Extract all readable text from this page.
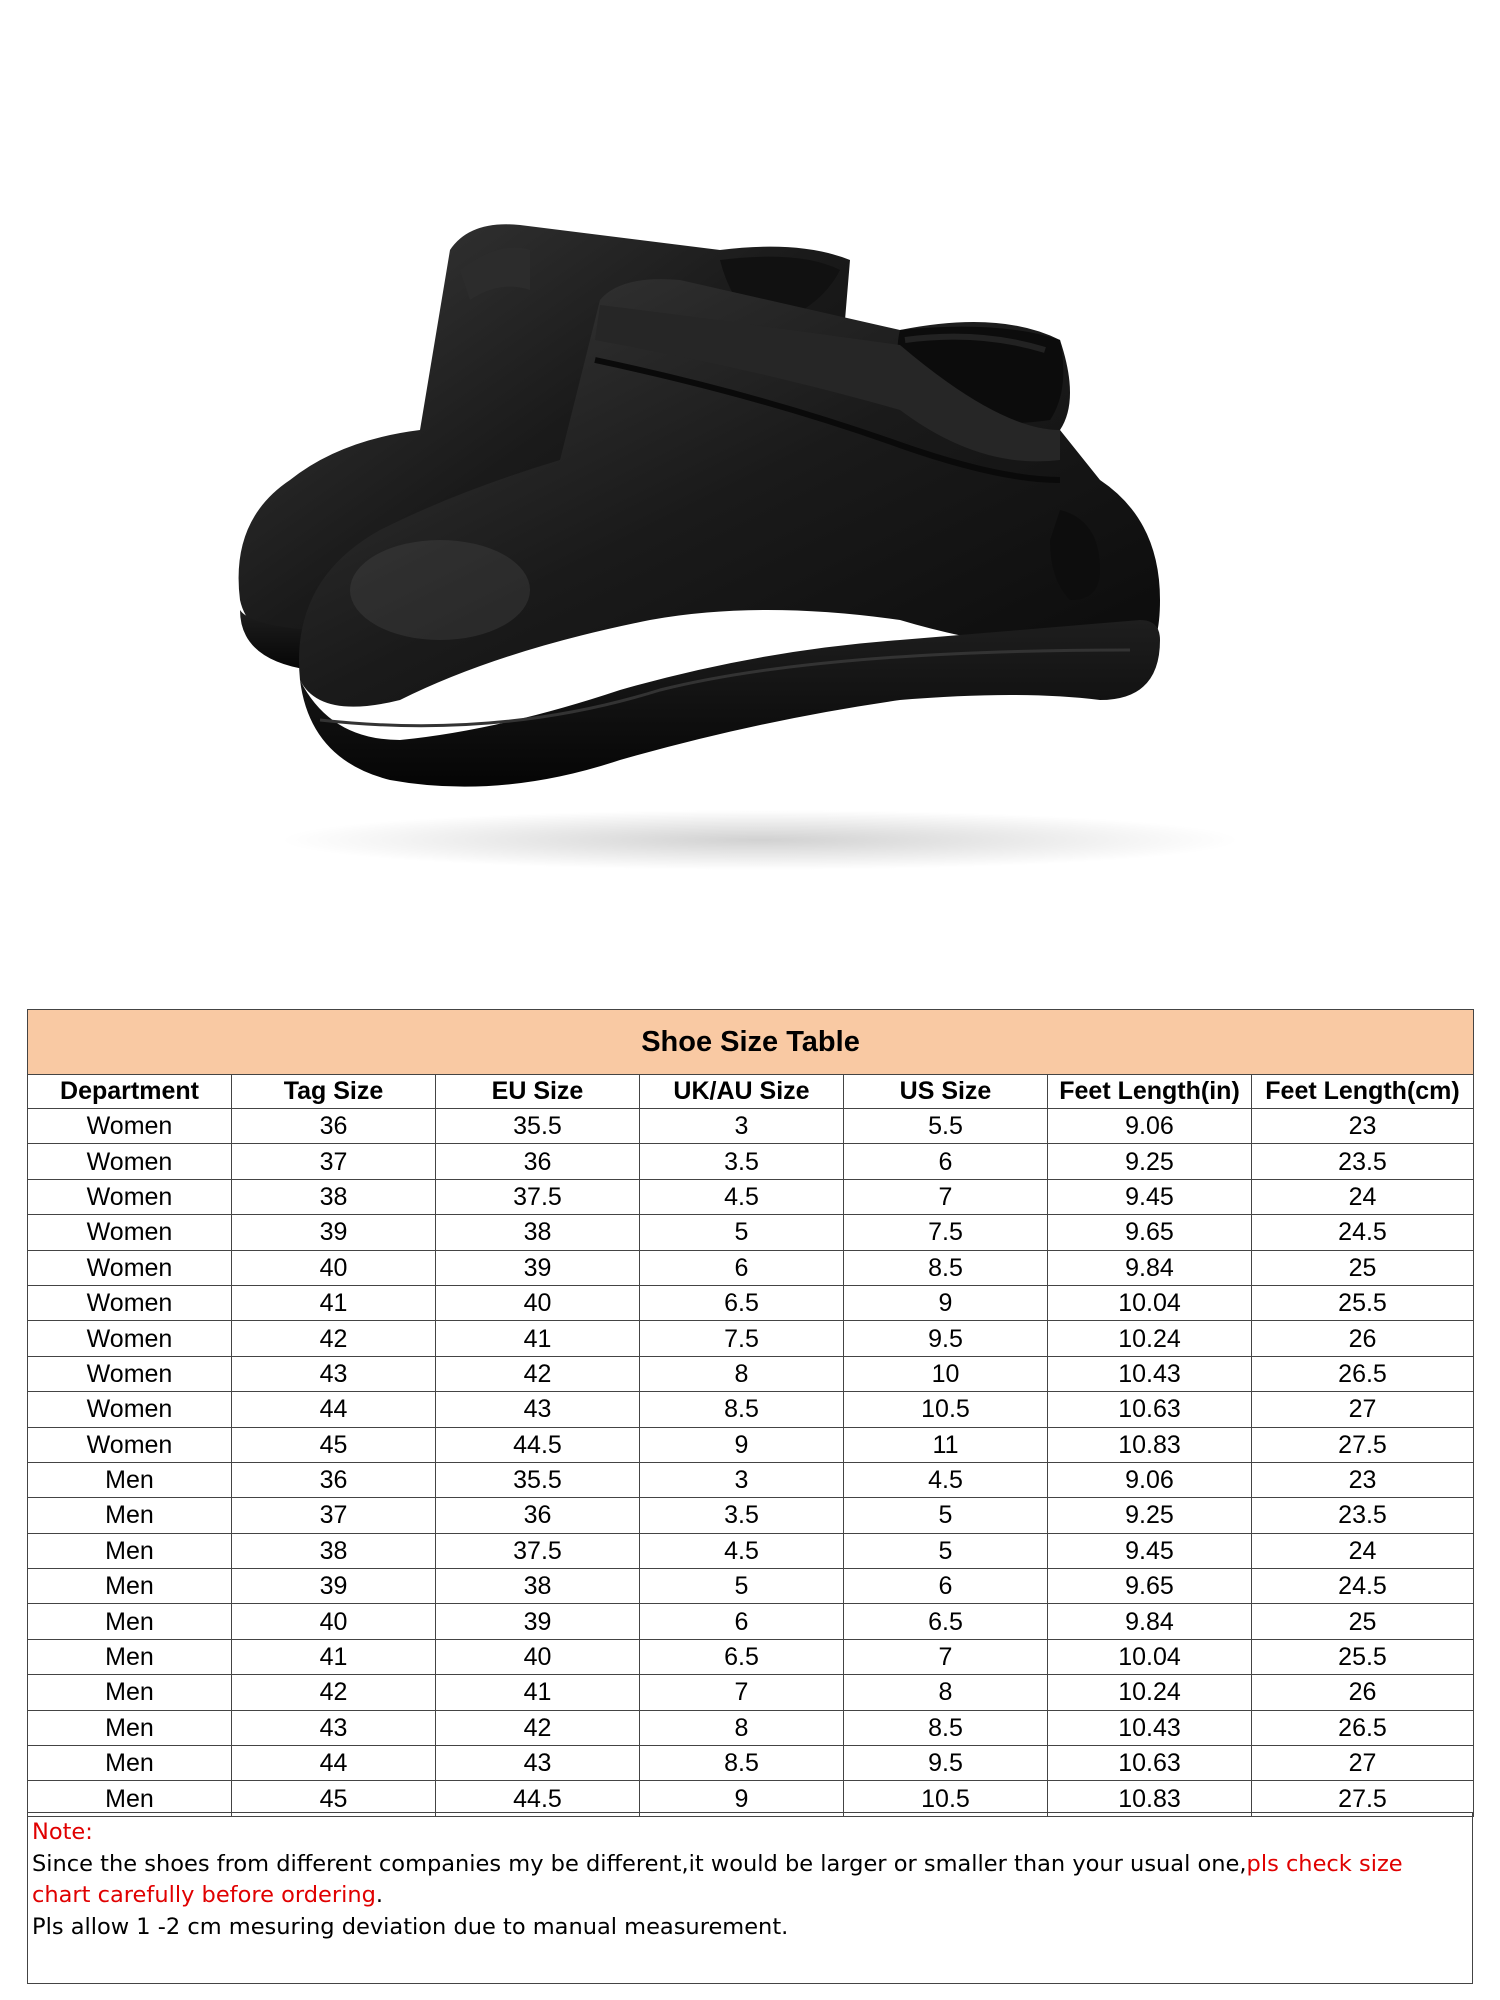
Shoe Size Table						
Department	Tag Size	EU Size	UK/AU Size	US Size	Feet Length(in)	Feet Length(cm)
Women	36	35.5	3	5.5	9.06	23
Women	37	36	3.5	6	9.25	23.5
Women	38	37.5	4.5	7	9.45	24
Women	39	38	5	7.5	9.65	24.5
Women	40	39	6	8.5	9.84	25
Women	41	40	6.5	9	10.04	25.5
Women	42	41	7.5	9.5	10.24	26
Women	43	42	8	10	10.43	26.5
Women	44	43	8.5	10.5	10.63	27
Women	45	44.5	9	11	10.83	27.5
Men	36	35.5	3	4.5	9.06	23
Men	37	36	3.5	5	9.25	23.5
Men	38	37.5	4.5	5	9.45	24
Men	39	38	5	6	9.65	24.5
Men	40	39	6	6.5	9.84	25
Men	41	40	6.5	7	10.04	25.5
Men	42	41	7	8	10.24	26
Men	43	42	8	8.5	10.43	26.5
Men	44	43	8.5	9.5	10.63	27
Men	45	44.5	9	10.5	10.83	27.5
Note:
Since the shoes from different companies my be different,it would be larger or smaller than your usual one,pls check size chart carefully before ordering.
Pls allow 1 -2 cm mesuring deviation due to manual measurement.
